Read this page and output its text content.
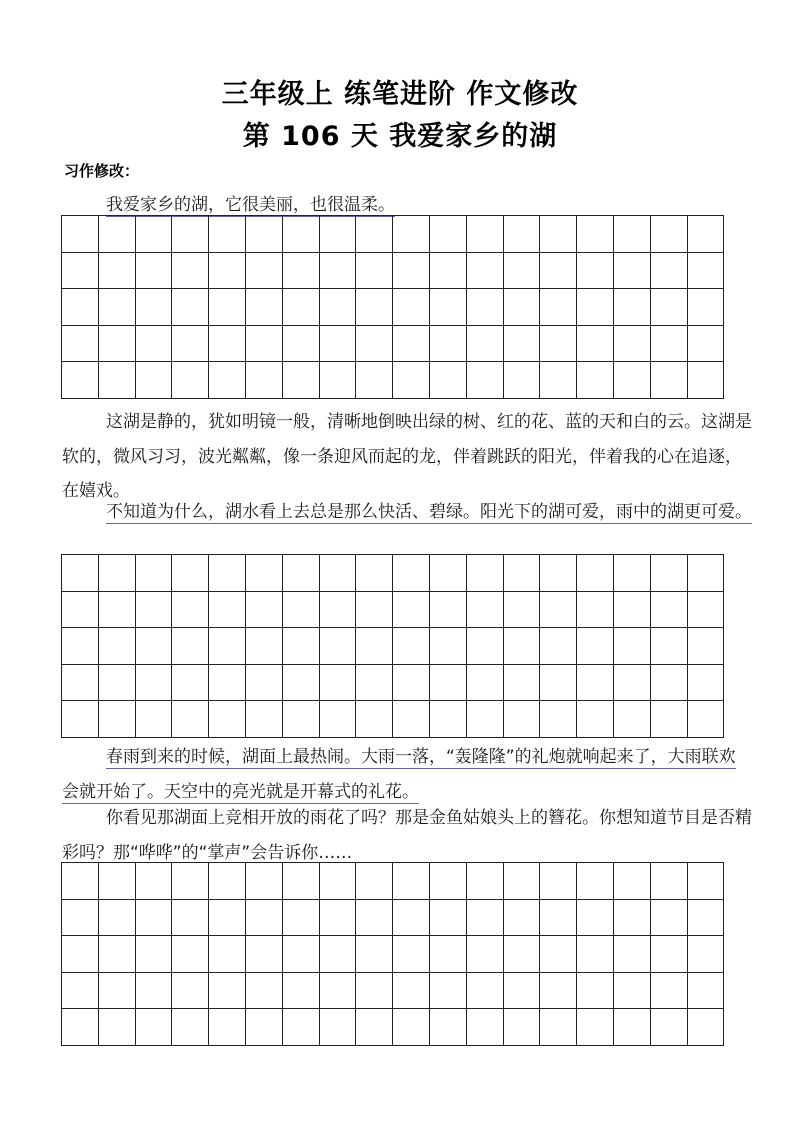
三年级上 练笔进阶 作文修改
第 106 天 我爱家乡的湖
习作修改：

我爱家乡的湖，它很美丽，也很温柔。

这湖是静的，犹如明镜一般，清晰地倒映出绿的树、红的花、蓝的天和白的云。这湖是软的，微风习习，波光粼粼，像一条迎风而起的龙，伴着跳跃的阳光，伴着我的心在追逐，在嬉戏。

不知道为什么，湖水看上去总是那么快活、碧绿。阳光下的湖可爱，雨中的湖更可爱。

春雨到来的时候，湖面上最热闹。大雨一落，“轰隆隆”的礼炮就响起来了，大雨联欢会就开始了。天空中的亮光就是开幕式的礼花。

你看见那湖面上竞相开放的雨花了吗？那是金鱼姑娘头上的簪花。你想知道节目是否精彩吗？那“哗哗”的“掌声”会告诉你……
